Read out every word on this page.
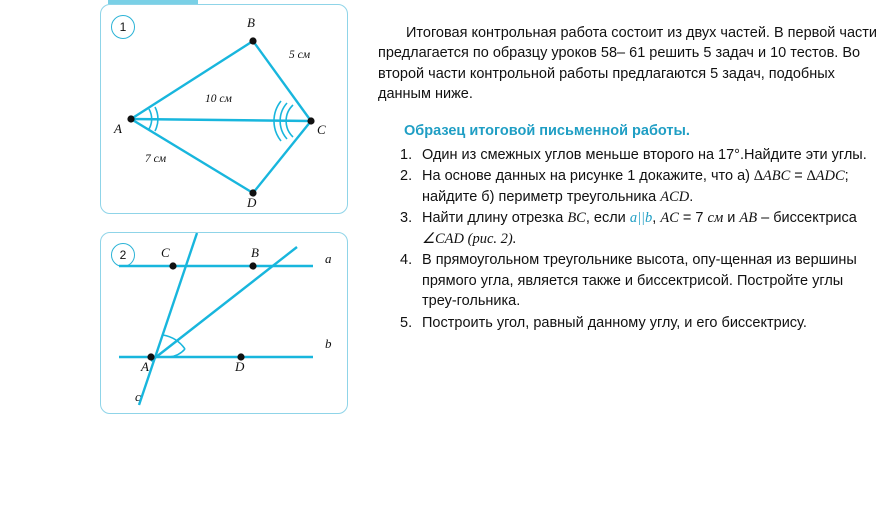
1	B
A	C
D
5 см
10 см
7 см
2	C	B	a
b
A	D
c

Итоговая контрольная работа состоит из двух частей. В первой части предлагается по образцу уроков 58– 61 решить 5 задач и 10 тестов. Во второй части контрольной работы предлагаются 5 задач, подобных данным ниже.

Образец итоговой письменной работы.
1. Один из смежных углов меньше второго на 17°.Найдите эти углы.
2. На основе данных на рисунке 1 докажите, что а) ∆ABC = ∆ADC; найдите б) периметр треугольника ACD.
3. Найти длину отрезка BC, если a||b, AC = 7 см и AB – биссектриса ∠CAD (рис. 2).
4. В прямоугольном треугольнике высота, опу-щенная из вершины прямого угла, является также и биссектрисой. Постройте углы треу-гольника.
5. Построить угол, равный данному углу, и его биссектрису.
